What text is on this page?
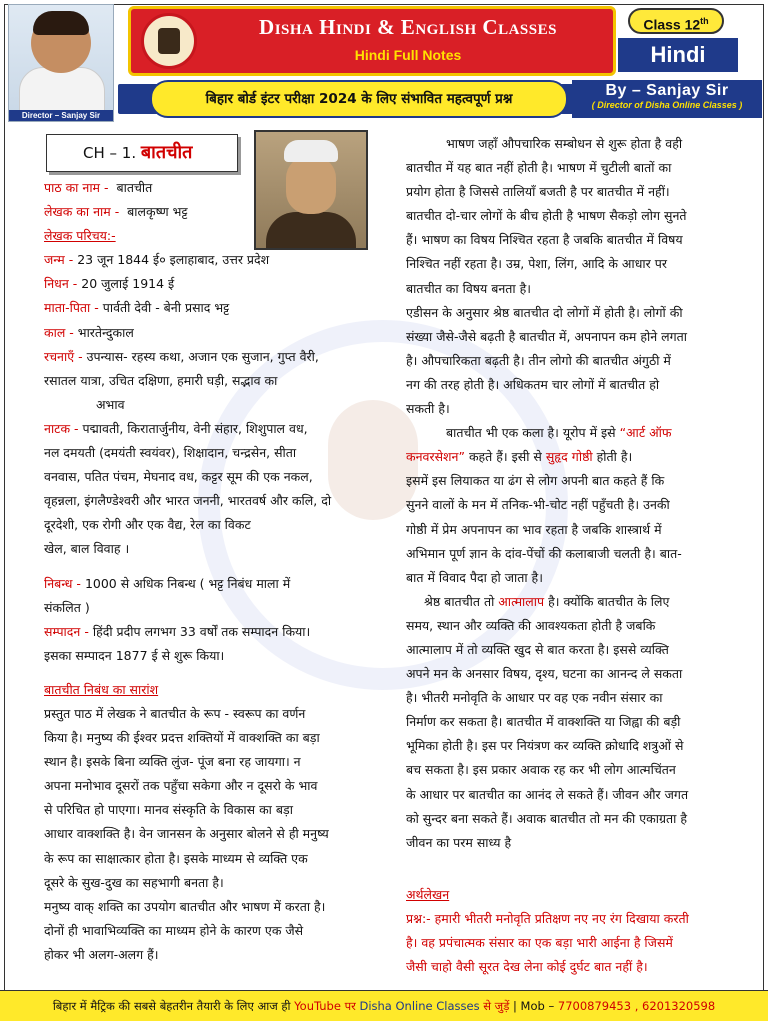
Director – Sanjay Sir
Disha Hindi & English Classes
Hindi Full Notes
Class 12th
Hindi
बिहार बोर्ड इंटर परीक्षा 2024 के लिए संभावित महत्वपूर्ण प्रश्न	By – Sanjay Sir
( Director of Disha Online Classes )
CH – 1. बातचीत

पाठ का नाम - बातचीत

लेखक का नाम - बालकृष्ण भट्ट

लेखक परिचय:-

जन्म - 23 जून 1844 ई० इलाहाबाद, उत्तर प्रदेश

निधन - 20 जुलाई 1914 ई

माता-पिता - पार्वती देवी - बेनी प्रसाद भट्ट

काल - भारतेन्दुकाल

रचनाएँ - उपन्यास- रहस्य कथा, अजान एक सुजान, गुप्त वैरी,

रसातल यात्रा, उचित दक्षिणा, हमारी घड़ी, सद्भाव का

अभाव

नाटक - पद्मावती, किरातार्जुनीय, वेनी संहार, शिशुपाल वध,

नल दमयती (दमयंती स्वयंवर), शिक्षादान, चन्द्रसेन, सीता

वनवास, पतित पंचम, मेघनाद वध, कट्टर सूम की एक नकल,

वृहन्नला, इंगलैण्डेश्वरी और भारत जननी, भारतवर्ष और कलि, दो

दूरदेशी, एक रोगी और एक वैद्य, रेल का विकट

खेल, बाल विवाह ।

निबन्ध - 1000 से अधिक निबन्ध ( भट्ट निबंध माला में

संकलित )

सम्पादन - हिंदी प्रदीप लगभग 33 वर्षों तक सम्पादन किया।

इसका सम्पादन 1877 ई से शुरू किया।

बातचीत निबंध का सारांश

प्रस्तुत पाठ में लेखक ने बातचीत के रूप - स्वरूप का वर्णन

किया है। मनुष्य की ईश्वर प्रदत्त शक्तियों में वाक्शक्ति का बड़ा

स्थान है। इसके बिना व्यक्ति लुंज- पूंज बना रह जायगा। न

अपना मनोभाव दूसरों तक पहुँचा सकेगा और न दूसरो के भाव

से परिचित हो पाएगा। मानव संस्कृति के विकास का बड़ा

आधार वाक्शक्ति है। वेन जानसन के अनुसार बोलने से ही मनुष्य

के रूप का साक्षात्कार होता है। इसके माध्यम से व्यक्ति एक

दूसरे के सुख-दुख का सहभागी बनता है।

मनुष्य वाक् शक्ति का उपयोग बातचीत और भाषण में करता है।

दोनों ही भावाभिव्यक्ति का माध्यम होने के कारण एक जैसे

होकर भी अलग-अलग हैं।

भाषण जहाँ औपचारिक सम्बोधन से शुरू होता है वही

बातचीत में यह बात नहीं होती है। भाषण में चुटीली बातों का

प्रयोग होता है जिससे तालियाँ बजती है पर बातचीत में नहीं।

बातचीत दो-चार लोगों के बीच होती है भाषण सैकड़ो लोग सुनते

हैं। भाषण का विषय निश्चित रहता है जबकि बातचीत में विषय

निश्चित नहीं रहता है। उम्र, पेशा, लिंग, आदि के आधार पर

बातचीत का विषय बनता है।

एडीसन के अनुसार श्रेष्ठ बातचीत दो लोगों में होती है। लोगों की

संख्या जैसे-जैसे बढ़ती है बातचीत में, अपनापन कम होने लगता

है। औपचारिकता बढ़ती है। तीन लोगो की बातचीत अंगुठी में

नग की तरह होती है। अधिकतम चार लोगों में बातचीत हो

सकती है।

बातचीत भी एक कला है। यूरोप में इसे “आर्ट ऑफ

कनवरसेशन” कहते हैं। इसी से सुहृद गोष्ठी होती है।

इसमें इस लियाकत या ढंग से लोग अपनी बात कहते हैं कि

सुनने वालों के मन में तनिक-भी-चोट नहीं पहुँचती है। उनकी

गोष्ठी में प्रेम अपनापन का भाव रहता है जबकि शास्त्रार्थ में

अभिमान पूर्ण ज्ञान के दांव-पेंचों की कलाबाजी चलती है। बात-

बात में विवाद पैदा हो जाता है।

श्रेष्ठ बातचीत तो आत्मालाप है। क्योंकि बातचीत के लिए

समय, स्थान और व्यक्ति की आवश्यकता होती है जबकि

आत्मालाप में तो व्यक्ति खुद से बात करता है। इससे व्यक्ति

अपने मन के अनसार विषय, दृश्य, घटना का आनन्द ले सकता

है। भीतरी मनोवृति के आधार पर वह एक नवीन संसार का

निर्माण कर सकता है। बातचीत में वाक्शक्ति या जिह्वा की बड़ी

भूमिका होती है। इस पर नियंत्रण कर व्यक्ति क्रोधादि शत्रुओं से

बच सकता है। इस प्रकार अवाक रह कर भी लोग आत्मचिंतन

के आधार पर बातचीत का आनंद ले सकते हैं। जीवन और जगत

को सुन्दर बना सकते हैं। अवाक बातचीत तो मन की एकाग्रता है

जीवन का परम साध्य है

अर्थलेखन

प्रश्न:- हमारी भीतरी मनोवृति प्रतिक्षण नए नए रंग दिखाया करती

है। वह प्रपंचात्मक संसार का एक बड़ा भारी आईना है जिसमें

जैसी चाहो वैसी सूरत देख लेना कोई दुर्घट बात नहीं है।

बिहार में मैट्रिक की सबसे बेहतरीन तैयारी के लिए आज ही YouTube पर Disha Online Classes से जुड़ें | Mob – 7700879453 , 6201320598
